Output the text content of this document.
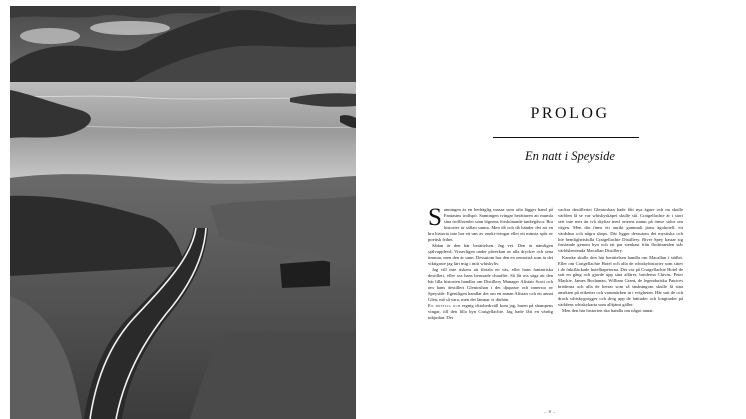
PROLOG
En natt i Speyside
S anningen är en bedräglig massa som ofta lägger band på Fantasins trollspö. Sanningen tvingar berättaren att mumla sina trollformler utan lögnens förskönande tankegåvor. Bra historier är sällan sanna. Men då och då händer det att en bra historia inte har ett uns av onekt-tvingar eller ett minsta spår av poetisk frihet.

Sådan är den här berättelsen. Jag vet. Den är nämligen självupplevd. Visserligen under påverkan av alla drycker och sena timmar, men den är sann. Dessutom har den en oemotstå som är det viktigaste jag lärt mig i mitt whiskyliv.

Jag vill inte riskera att förtala en väs, eller hans fantastiska destilleri, eller oss hans berusade chaufför. Så låt oss säga att den här lilla historien handlar om Distillery Manager Alistair Scott och om hans destilleri Glentoshan i det djupaste och innersta av Speyside. Egentligen handlar det om en annan Alistair och ett annat Glen, må så vara, men det lämnar vi därhän.

En höstlig och regnig oktoberkväll kom jag, baren på shampens vingar, till den lilla byn Craigellachie. Jag hade fått en värdig inbjudan. Det

vackra destilleriet Glentoshan hade fått nya ägare och nu skulle världen få se var whiskyskäpet skulle stå. Craigellachie är i stort sett inte mer än två skyltar med orterns namn på ömse sidor om vägen. Men där finns ett anrikt gammalt järns ägohotell, ett värdshus och några shops. Där ligger dessutom det mystiska och lite hemlighetsfulla Craigellachie Distillery. River Spey kastar sig frustande genom byn och ett par stenkast från flodstranden står världsberömda Macallan Distillery.

Kanske skulle den här berättelsen handla om Macallan i stället. Eller om Craigellachie Hotel och alla de whiskyhistorier som sitter i de fuktfläckade hotelltapeterna. Det var på Craigellachie Hotel de satt en gång och gjorde upp sina affärer, bröderna Chivas, Peter Mackie, James Buchanan, William Grant, de legendariska Patrices bröderna och alla de herrar som så småningom skulle få sina ansikten på etiketter och varumärken in i evigheten. Här satt de och drack whiskygrogger och drog upp de latituder och longituder på världens whiskykarta som alltjämt gäller.

Men den här historien ska handla om något annat.

– 8 –
